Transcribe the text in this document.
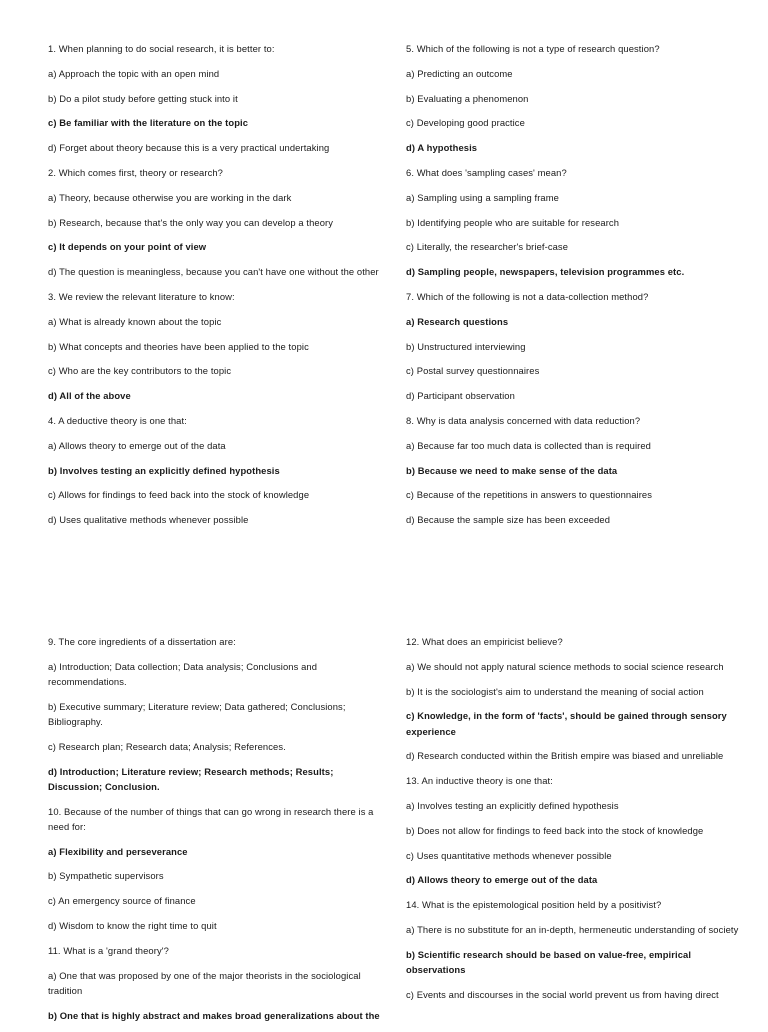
1. When planning to do social research, it is better to:

a) Approach the topic with an open mind

b) Do a pilot study before getting stuck into it

c) Be familiar with the literature on the topic

d) Forget about theory because this is a very practical undertaking

2. Which comes first, theory or research?

a) Theory, because otherwise you are working in the dark

b) Research, because that's the only way you can develop a theory

c) It depends on your point of view

d) The question is meaningless, because you can't have one without the other

3. We review the relevant literature to know:

a) What is already known about the topic

b) What concepts and theories have been applied to the topic

c) Who are the key contributors to the topic

d) All of the above

4. A deductive theory is one that:

a) Allows theory to emerge out of the data

b) Involves testing an explicitly defined hypothesis

c) Allows for findings to feed back into the stock of knowledge

d) Uses qualitative methods whenever possible

5. Which of the following is not a type of research question?

a) Predicting an outcome

b) Evaluating a phenomenon

c) Developing good practice

d) A hypothesis

6. What does 'sampling cases' mean?

a) Sampling using a sampling frame

b) Identifying people who are suitable for research

c) Literally, the researcher's brief-case

d) Sampling people, newspapers, television programmes etc.

7. Which of the following is not a data-collection method?

a) Research questions

b) Unstructured interviewing

c) Postal survey questionnaires

d) Participant observation

8. Why is data analysis concerned with data reduction?

a) Because far too much data is collected than is required

b) Because we need to make sense of the data

c) Because of the repetitions in answers to questionnaires

d) Because the sample size has been exceeded

9. The core ingredients of a dissertation are:

a) Introduction; Data collection; Data analysis; Conclusions and recommendations.

b) Executive summary; Literature review; Data gathered; Conclusions; Bibliography.

c) Research plan; Research data; Analysis; References.

d) Introduction; Literature review; Research methods; Results; Discussion; Conclusion.

10. Because of the number of things that can go wrong in research there is a need for:

a) Flexibility and perseverance

b) Sympathetic supervisors

c) An emergency source of finance

d) Wisdom to know the right time to quit

11. What is a 'grand theory'?

a) One that was proposed by one of the major theorists in the sociological tradition

b) One that is highly abstract and makes broad generalizations about the

12. What does an empiricist believe?

a) We should not apply natural science methods to social science research

b) It is the sociologist's aim to understand the meaning of social action

c) Knowledge, in the form of 'facts', should be gained through sensory experience

d) Research conducted within the British empire was biased and unreliable

13. An inductive theory is one that:

a) Involves testing an explicitly defined hypothesis

b) Does not allow for findings to feed back into the stock of knowledge

c) Uses quantitative methods whenever possible

d) Allows theory to emerge out of the data

14. What is the epistemological position held by a positivist?

a) There is no substitute for an in-depth, hermeneutic understanding of society

b) Scientific research should be based on value-free, empirical observations

c) Events and discourses in the social world prevent us from having direct
